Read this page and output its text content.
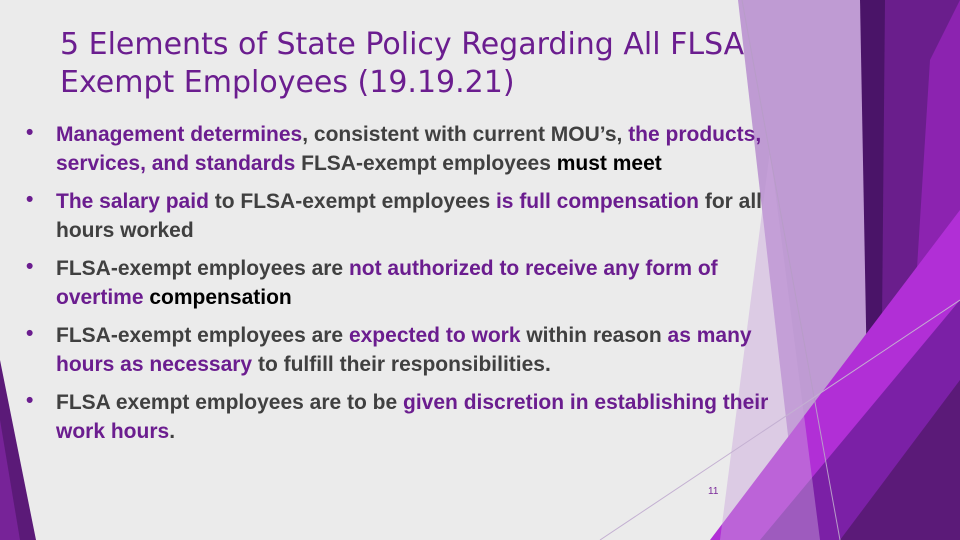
5 Elements of State Policy Regarding All FLSA Exempt Employees (19.19.21)
• Management determines, consistent with current MOU’s, the products, services, and standards FLSA-exempt employees must meet
• The salary paid to FLSA-exempt employees is full compensation for all hours worked
• FLSA-exempt employees are not authorized to receive any form of overtime compensation
• FLSA-exempt employees are expected to work within reason as many hours as necessary to fulfill their responsibilities.
• FLSA exempt employees are to be given discretion in establishing their work hours.
11
